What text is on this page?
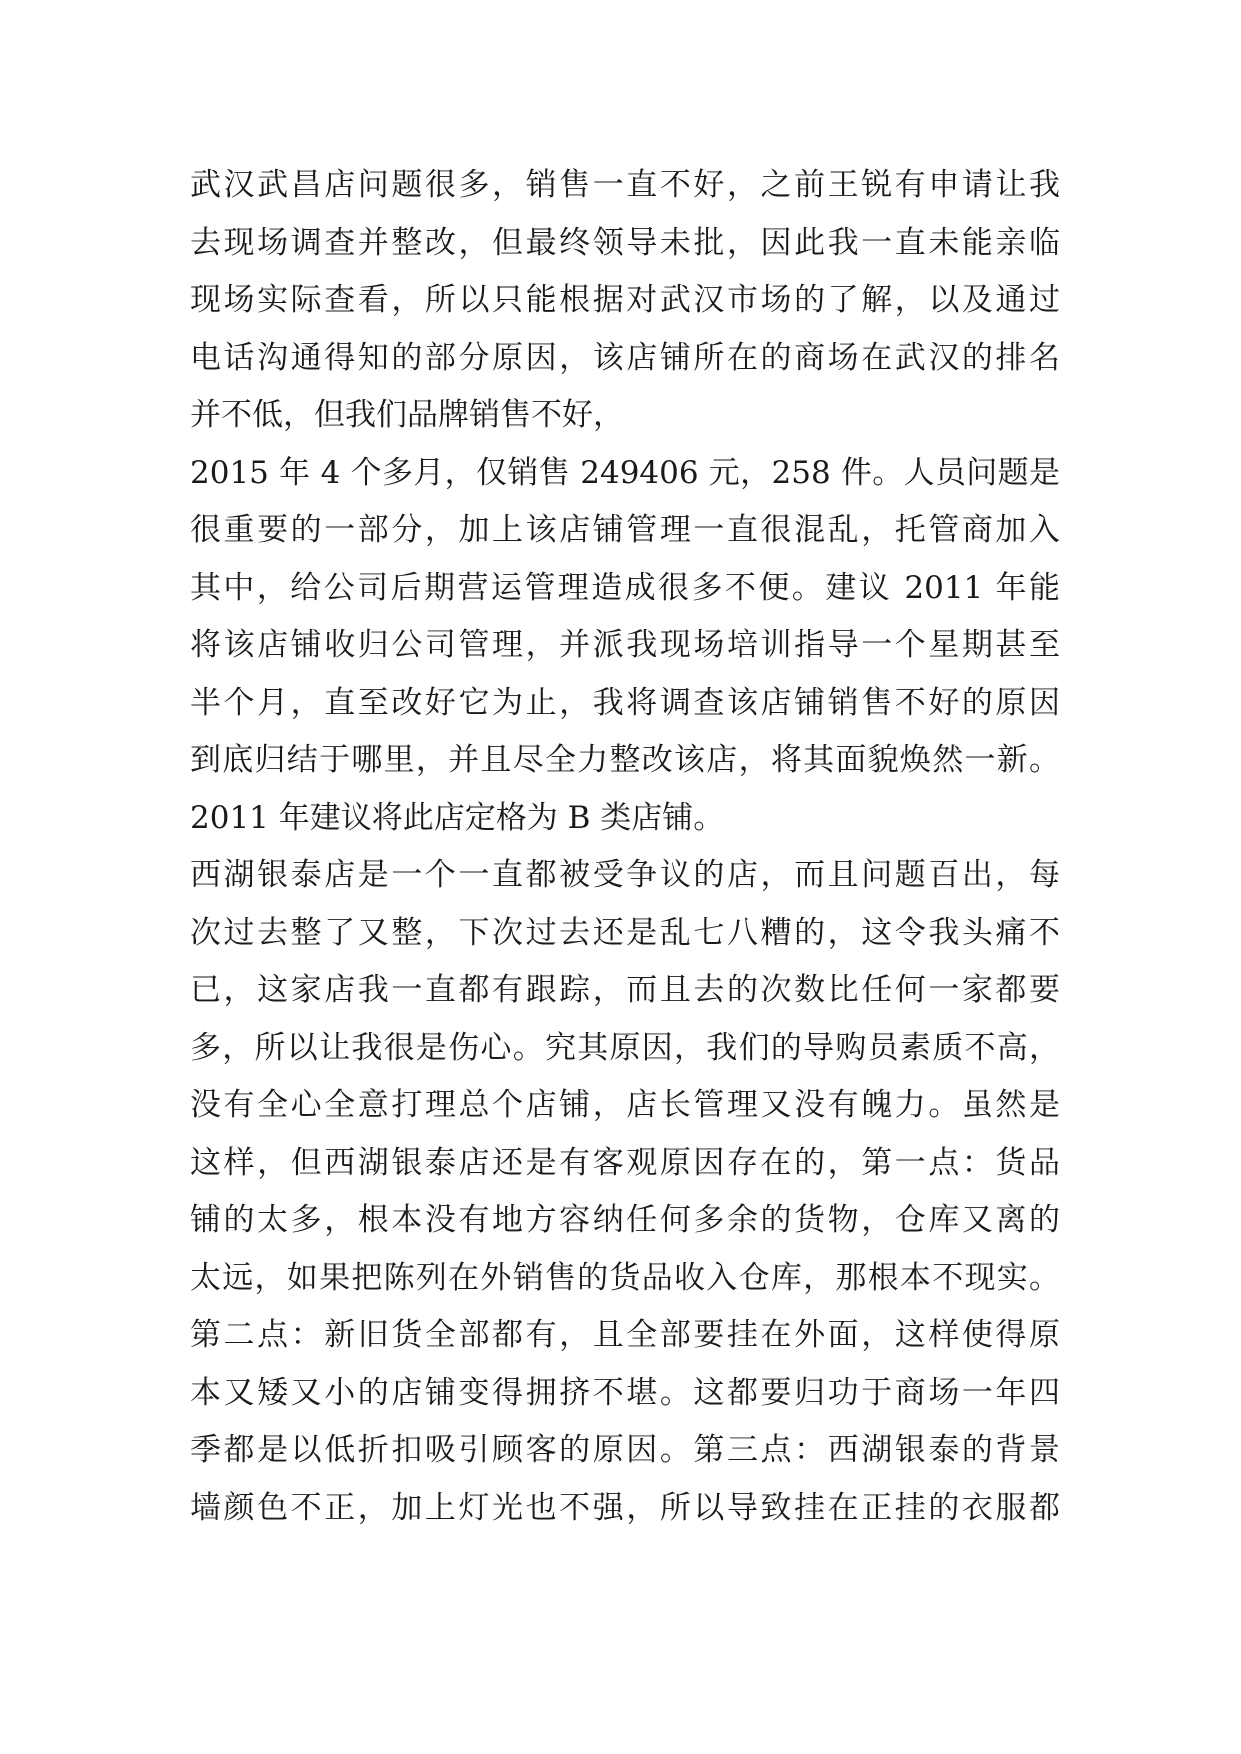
武汉武昌店问题很多，销售一直不好，之前王锐有申请让我
去现场调查并整改，但最终领导未批，因此我一直未能亲临
现场实际查看，所以只能根据对武汉市场的了解，以及通过
电话沟通得知的部分原因，该店铺所在的商场在武汉的排名
并不低，但我们品牌销售不好，
2015 年 4 个多月，仅销售 249406 元，258 件。人员问题是
很重要的一部分，加上该店铺管理一直很混乱，托管商加入
其中，给公司后期营运管理造成很多不便。建议 2011 年能
将该店铺收归公司管理，并派我现场培训指导一个星期甚至
半个月，直至改好它为止，我将调查该店铺销售不好的原因
到底归结于哪里，并且尽全力整改该店，将其面貌焕然一新。
2011 年建议将此店定格为 B 类店铺。
西湖银泰店是一个一直都被受争议的店，而且问题百出，每
次过去整了又整，下次过去还是乱七八糟的，这令我头痛不
已，这家店我一直都有跟踪，而且去的次数比任何一家都要
多，所以让我很是伤心。究其原因，我们的导购员素质不高，
没有全心全意打理总个店铺，店长管理又没有魄力。虽然是
这样，但西湖银泰店还是有客观原因存在的，第一点：货品
铺的太多，根本没有地方容纳任何多余的货物，仓库又离的
太远，如果把陈列在外销售的货品收入仓库，那根本不现实。
第二点：新旧货全部都有，且全部要挂在外面，这样使得原
本又矮又小的店铺变得拥挤不堪。这都要归功于商场一年四
季都是以低折扣吸引顾客的原因。第三点：西湖银泰的背景
墙颜色不正，加上灯光也不强，所以导致挂在正挂的衣服都
